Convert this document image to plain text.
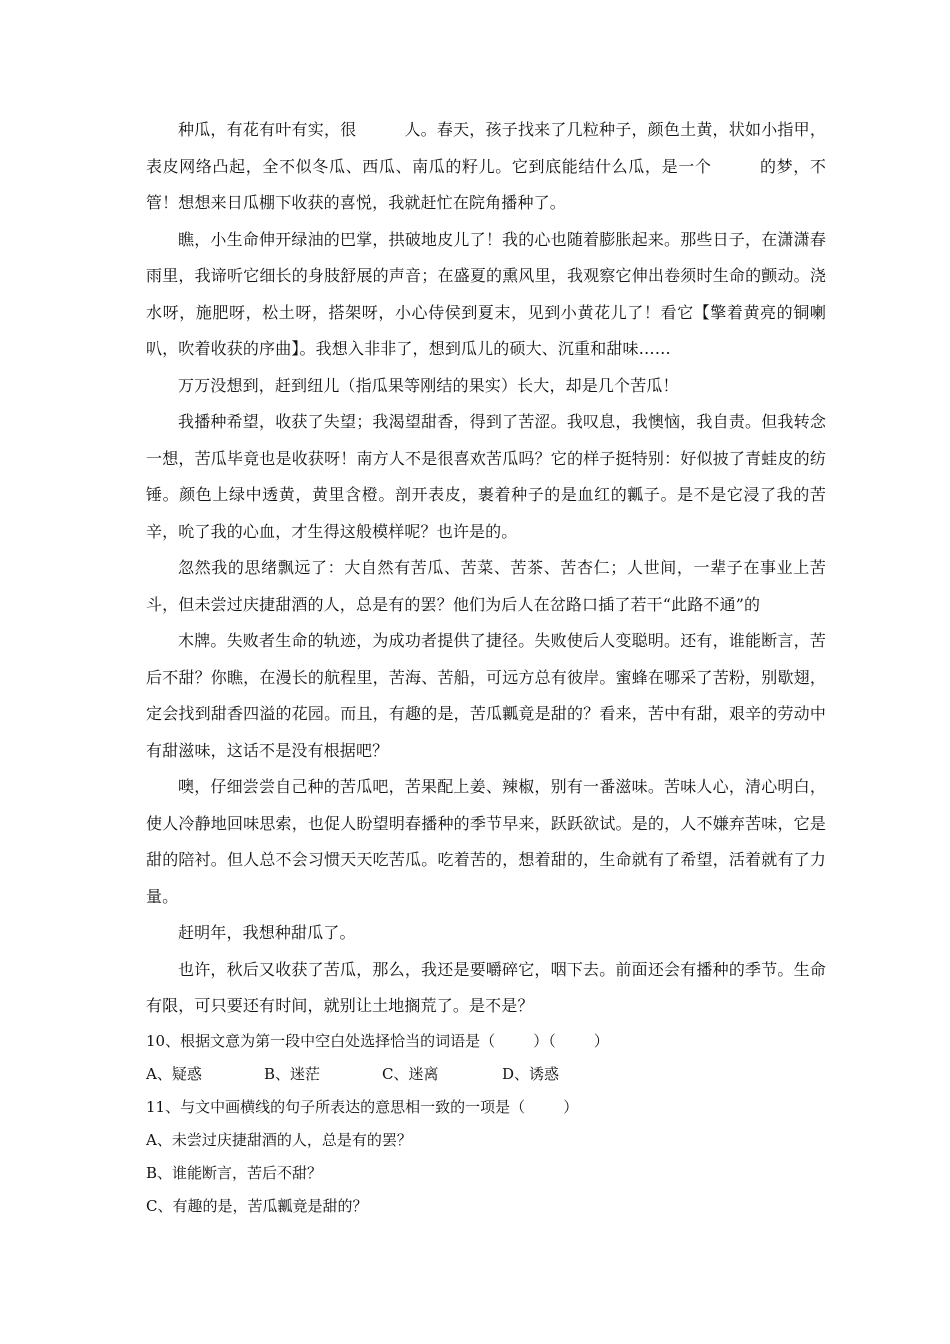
种瓜，有花有叶有实，很	人。春天，孩子找来了几粒种子，颜色土黄，状如小指甲，表皮网络凸起，全不似冬瓜、西瓜、南瓜的籽儿。它到底能结什么瓜，是一个	的梦，不管！想想来日瓜棚下收获的喜悦，我就赶忙在院角播种了。

瞧，小生命伸开绿油的巴掌，拱破地皮儿了！我的心也随着膨胀起来。那些日子，在潇潇春雨里，我谛听它细长的身肢舒展的声音；在盛夏的熏风里，我观察它伸出卷须时生命的颤动。浇水呀，施肥呀，松土呀，搭架呀，小心侍侯到夏末，见到小黄花儿了！看它【擎着黄亮的铜喇叭，吹着收获的序曲】。我想入非非了，想到瓜儿的硕大、沉重和甜味……

万万没想到，赶到纽儿（指瓜果等刚结的果实）长大，却是几个苦瓜！

我播种希望，收获了失望；我渴望甜香，得到了苦涩。我叹息，我懊恼，我自责。但我转念一想，苦瓜毕竟也是收获呀！南方人不是很喜欢苦瓜吗？它的样子挺特别：好似披了青蛙皮的纺锤。颜色上绿中透黄，黄里含橙。剖开表皮，裹着种子的是血红的瓤子。是不是它浸了我的苦辛，吮了我的心血，才生得这般模样呢？也许是的。

忽然我的思绪飘远了：大自然有苦瓜、苦菜、苦茶、苦杏仁；人世间，一辈子在事业上苦斗，但未尝过庆捷甜酒的人，总是有的罢？他们为后人在岔路口插了若干“此路不通”的

木牌。失败者生命的轨迹，为成功者提供了捷径。失败使后人变聪明。还有，谁能断言，苦后不甜？你瞧，在漫长的航程里，苦海、苦船，可远方总有彼岸。蜜蜂在哪采了苦粉，别歇翅，定会找到甜香四溢的花园。而且，有趣的是，苦瓜瓤竟是甜的？看来，苦中有甜，艰辛的劳动中有甜滋味，这话不是没有根据吧？

噢，仔细尝尝自己种的苦瓜吧，苦果配上姜、辣椒，别有一番滋味。苦味人心，清心明白，使人冷静地回味思索，也促人盼望明春播种的季节早来，跃跃欲试。是的，人不嫌弃苦味，它是甜的陪衬。但人总不会习惯天天吃苦瓜。吃着苦的，想着甜的，生命就有了希望，活着就有了力量。

赶明年，我想种甜瓜了。

也许，秋后又收获了苦瓜，那么，我还是要嚼碎它，咽下去。前面还会有播种的季节。生命有限，可只要还有时间，就别让土地搁荒了。是不是？

10、根据文意为第一段中空白处选择恰当的词语是（        ）（        ）

A、疑惑	B、迷茫	C、迷离	D、诱惑

11、与文中画横线的句子所表达的意思相一致的一项是（        ）

A、未尝过庆捷甜酒的人，总是有的罢？

B、谁能断言，苦后不甜？

C、有趣的是，苦瓜瓤竟是甜的？
